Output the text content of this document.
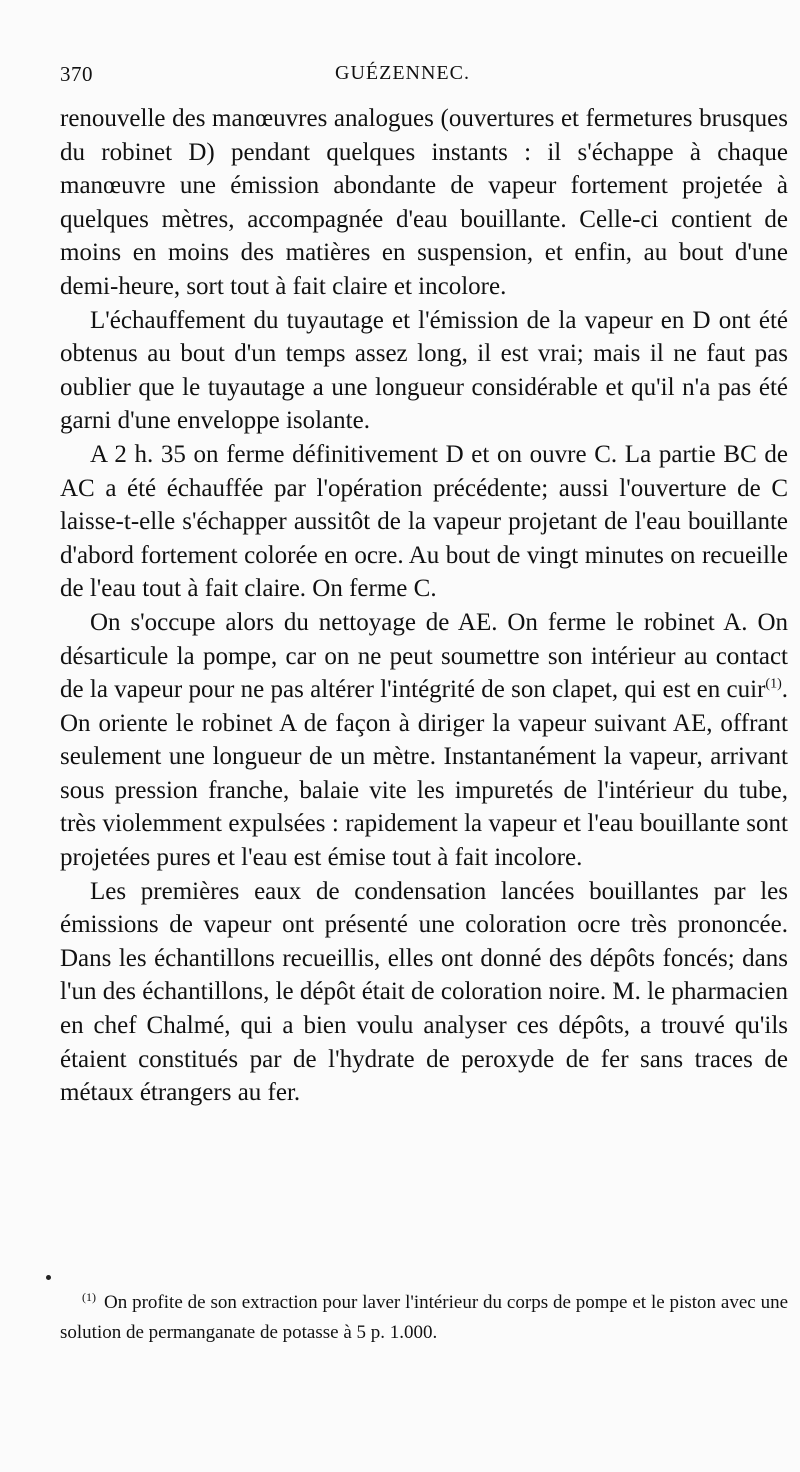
370	GUÉZENNEC.

renouvelle des manœuvres analogues (ouvertures et fermetures brusques du robinet D) pendant quelques instants : il s'échappe à chaque manœuvre une émission abondante de vapeur fortement projetée à quelques mètres, accompagnée d'eau bouillante. Celle-ci contient de moins en moins des matières en suspension, et enfin, au bout d'une demi-heure, sort tout à fait claire et incolore.

L'échauffement du tuyautage et l'émission de la vapeur en D ont été obtenus au bout d'un temps assez long, il est vrai; mais il ne faut pas oublier que le tuyautage a une longueur considérable et qu'il n'a pas été garni d'une enveloppe isolante.

A 2 h. 35 on ferme définitivement D et on ouvre C. La partie BC de AC a été échauffée par l'opération précédente; aussi l'ouverture de C laisse-t-elle s'échapper aussitôt de la vapeur projetant de l'eau bouillante d'abord fortement colorée en ocre. Au bout de vingt minutes on recueille de l'eau tout à fait claire. On ferme C.

On s'occupe alors du nettoyage de AE. On ferme le robinet A. On désarticule la pompe, car on ne peut soumettre son intérieur au contact de la vapeur pour ne pas altérer l'intégrité de son clapet, qui est en cuir$^{(1)}$. On oriente le robinet A de façon à diriger la vapeur suivant AE, offrant seulement une longueur de un mètre. Instantanément la vapeur, arrivant sous pression franche, balaie vite les impuretés de l'intérieur du tube, très violemment expulsées : rapidement la vapeur et l'eau bouillante sont projetées pures et l'eau est émise tout à fait incolore.

Les premières eaux de condensation lancées bouillantes par les émissions de vapeur ont présenté une coloration ocre très prononcée. Dans les échantillons recueillis, elles ont donné des dépôts foncés; dans l'un des échantillons, le dépôt était de coloration noire. M. le pharmacien en chef Chalmé, qui a bien voulu analyser ces dépôts, a trouvé qu'ils étaient constitués par de l'hydrate de peroxyde de fer sans traces de métaux étrangers au fer.

$^{(1)}$ On profite de son extraction pour laver l'intérieur du corps de pompe et le piston avec une solution de permanganate de potasse à 5 p. 1.000.
